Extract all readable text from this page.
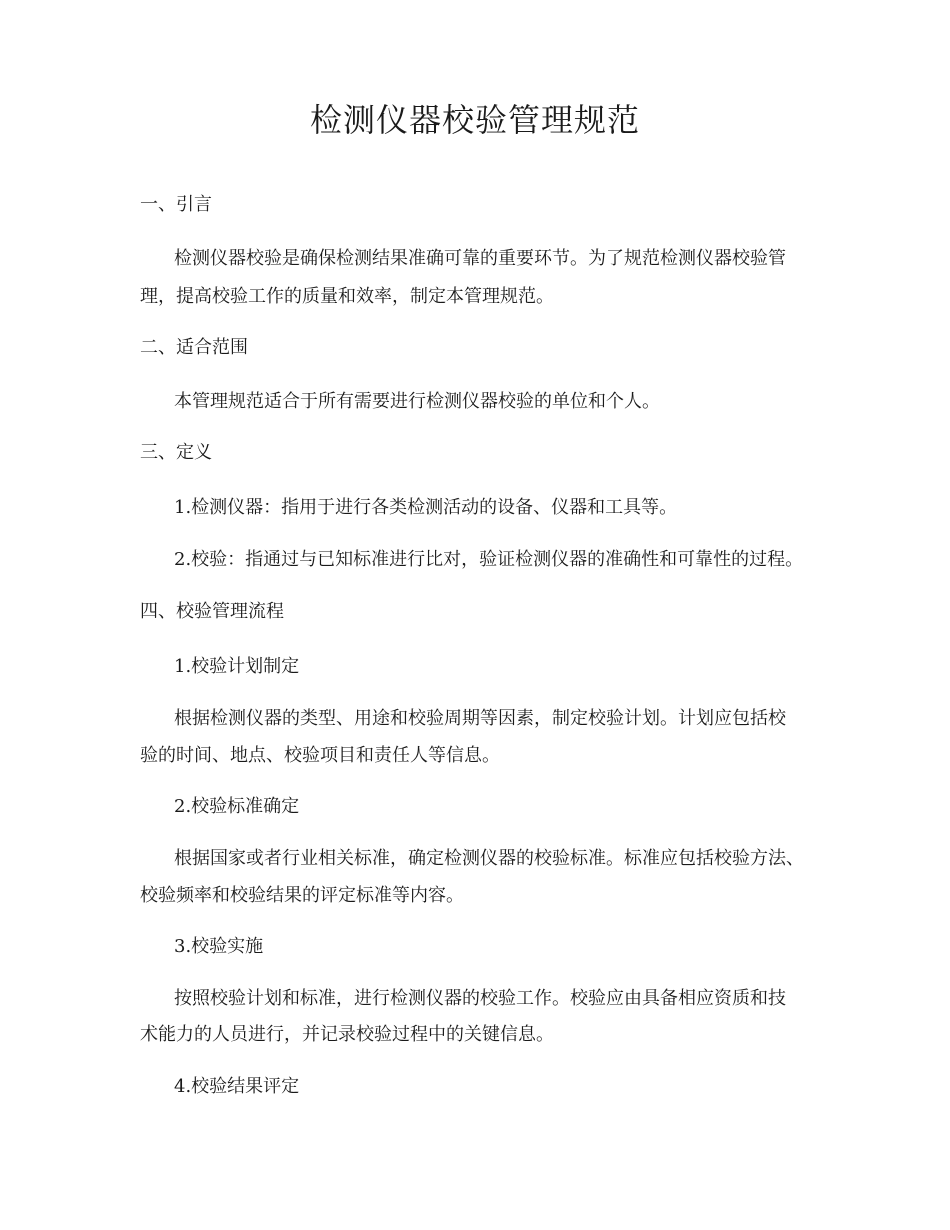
检测仪器校验管理规范
一、引言
检测仪器校验是确保检测结果准确可靠的重要环节。为了规范检测仪器校验管
理，提高校验工作的质量和效率，制定本管理规范。
二、适合范围
本管理规范适合于所有需要进行检测仪器校验的单位和个人。
三、定义
1.检测仪器：指用于进行各类检测活动的设备、仪器和工具等。
2.校验：指通过与已知标准进行比对，验证检测仪器的准确性和可靠性的过程。
四、校验管理流程
1.校验计划制定
根据检测仪器的类型、用途和校验周期等因素，制定校验计划。计划应包括校
验的时间、地点、校验项目和责任人等信息。
2.校验标准确定
根据国家或者行业相关标准，确定检测仪器的校验标准。标准应包括校验方法、
校验频率和校验结果的评定标准等内容。
3.校验实施
按照校验计划和标准，进行检测仪器的校验工作。校验应由具备相应资质和技
术能力的人员进行，并记录校验过程中的关键信息。
4.校验结果评定
